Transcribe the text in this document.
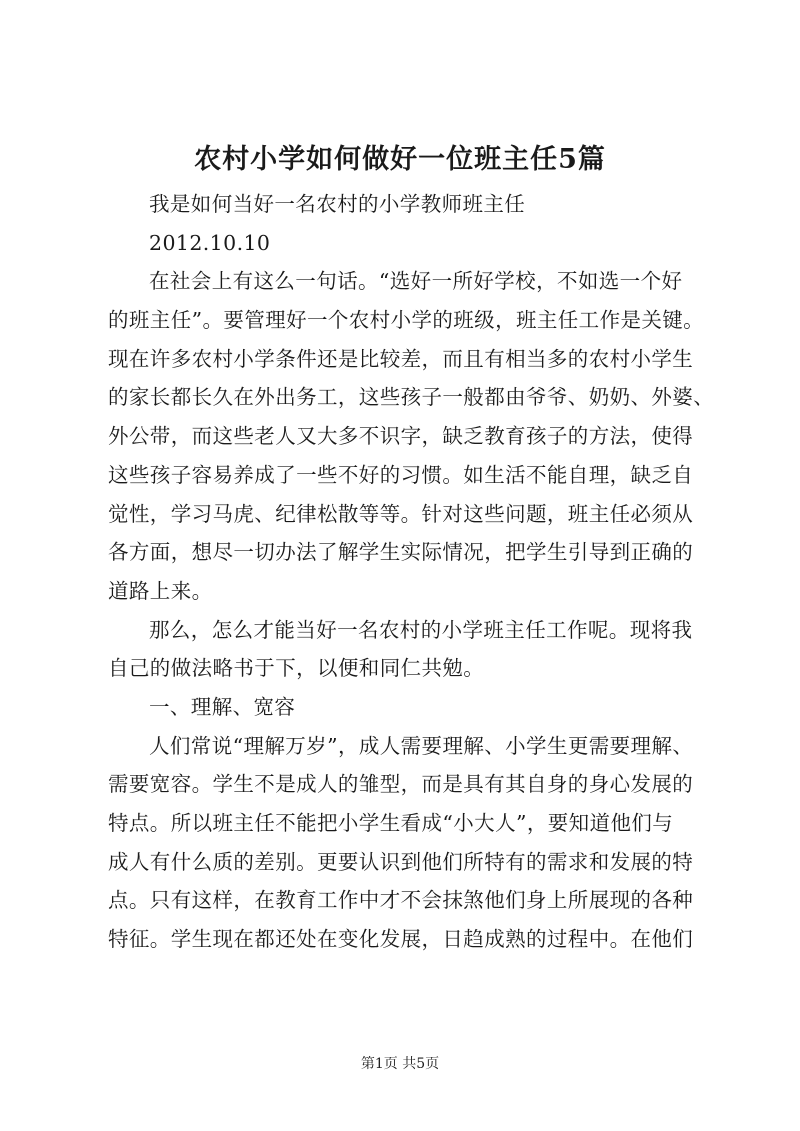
农村小学如何做好一位班主任5篇
我是如何当好一名农村的小学教师班主任
2012.10.10
在社会上有这么一句话。“选好一所好学校，不如选一个好
的班主任”。要管理好一个农村小学的班级，班主任工作是关键。
现在许多农村小学条件还是比较差，而且有相当多的农村小学生
的家长都长久在外出务工，这些孩子一般都由爷爷、奶奶、外婆、
外公带，而这些老人又大多不识字，缺乏教育孩子的方法，使得
这些孩子容易养成了一些不好的习惯。如生活不能自理，缺乏自
觉性，学习马虎、纪律松散等等。针对这些问题，班主任必须从
各方面，想尽一切办法了解学生实际情况，把学生引导到正确的
道路上来。
那么，怎么才能当好一名农村的小学班主任工作呢。现将我
自己的做法略书于下，以便和同仁共勉。
一、理解、宽容
人们常说“理解万岁”，成人需要理解、小学生更需要理解、
需要宽容。学生不是成人的雏型，而是具有其自身的身心发展的
特点。所以班主任不能把小学生看成“小大人”，要知道他们与
成人有什么质的差别。更要认识到他们所特有的需求和发展的特
点。只有这样，在教育工作中才不会抹煞他们身上所展现的各种
特征。学生现在都还处在变化发展，日趋成熟的过程中。在他们
第1页 共5页
